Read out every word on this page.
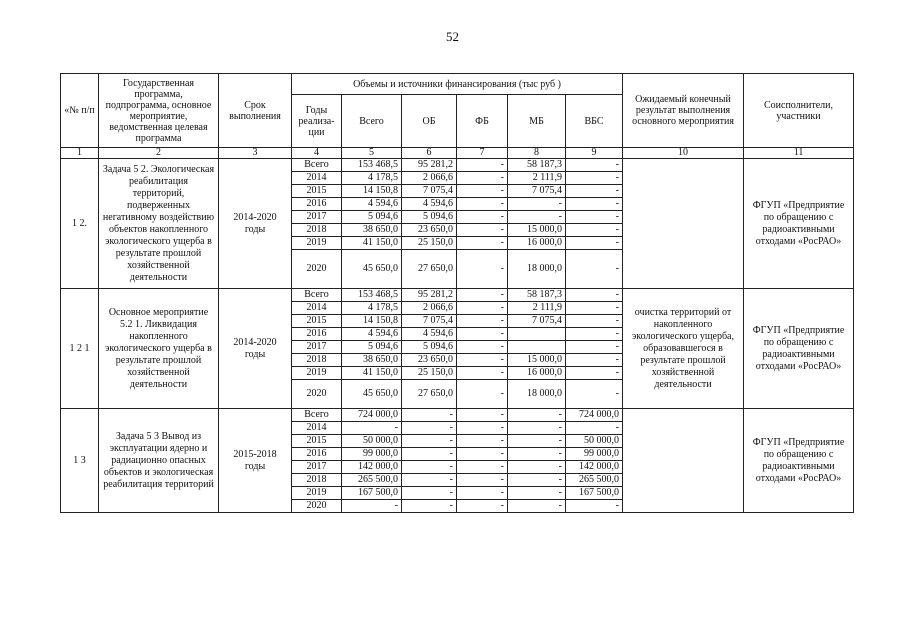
52
«№ п/п	Государственная программа, подпрограмма, основное мероприятие, ведомственная целевая программа	Срок выполнения	Объемы и источники финансирования (тыс руб )						Ожидаемый конечный результат выполнения основного мероприятия	Соисполнители, участники
			Годы реализа-ции	Всего	ОБ	ФБ	МБ	ВБС		
1	2	3	4	5	6	7	8	9	10	11
1 2.	Задача 5 2. Экологическая реабилитация территорий, подверженных негативному воздействию объектов накопленного экологического ущерба в результате прошлой хозяйственной деятельности	2014-2020 годы	Всего	153 468,5	95 281,2	-	58 187,3	-		ФГУП «Предприятие по обращению с радиоактивными отходами «РосРАО»
			2014	4 178,5	2 066,6	-	2 111,9	-		
			2015	14 150,8	7 075,4	-	7 075,4	-		
			2016	4 594,6	4 594,6	-	-	-		
			2017	5 094,6	5 094,6	-	-	-		
			2018	38 650,0	23 650,0	-	15 000,0	-		
			2019	41 150,0	25 150,0	-	16 000,0	-		
			2020	45 650,0	27 650,0	-	18 000,0	-		
1 2 1	Основное мероприятие 5.2 1. Ликвидация накопленного экологического ущерба в результате прошлой хозяйственной деятельности	2014-2020 годы	Всего	153 468,5	95 281,2	-	58 187,3	-	очистка территорий от накопленного экологического ущерба, образовавшегося в результате прошлой хозяйственной деятельности	ФГУП «Предприятие по обращению с радиоактивными отходами «РосРАО»
			2014	4 178,5	2 066,6	-	2 111,9	-		
			2015	14 150,8	7 075,4	-	7 075,4	-		
			2016	4 594,6	4 594,6	-		-		
			2017	5 094,6	5 094,6	-		-		
			2018	38 650,0	23 650,0	-	15 000,0	-		
			2019	41 150,0	25 150,0	-	16 000,0	-		
			2020	45 650,0	27 650,0	-	18 000,0	-		
1 3	Задача 5 3 Вывод из эксплуатации ядерно и радиационно опасных объектов и экологическая реабилитация территорий	2015-2018 годы	Всего	724 000,0	-	-	-	724 000,0		ФГУП «Предприятие по обращению с радиоактивными отходами «РосРАО»
			2014	-	-	-	-	-		
			2015	50 000,0	-	-	-	50 000,0		
			2016	99 000,0	-	-	-	99 000,0		
			2017	142 000,0	-	-	-	142 000,0		
			2018	265 500,0	-	-	-	265 500,0		
			2019	167 500,0	-	-	-	167 500,0		
			2020	-	-	-	-	-		
